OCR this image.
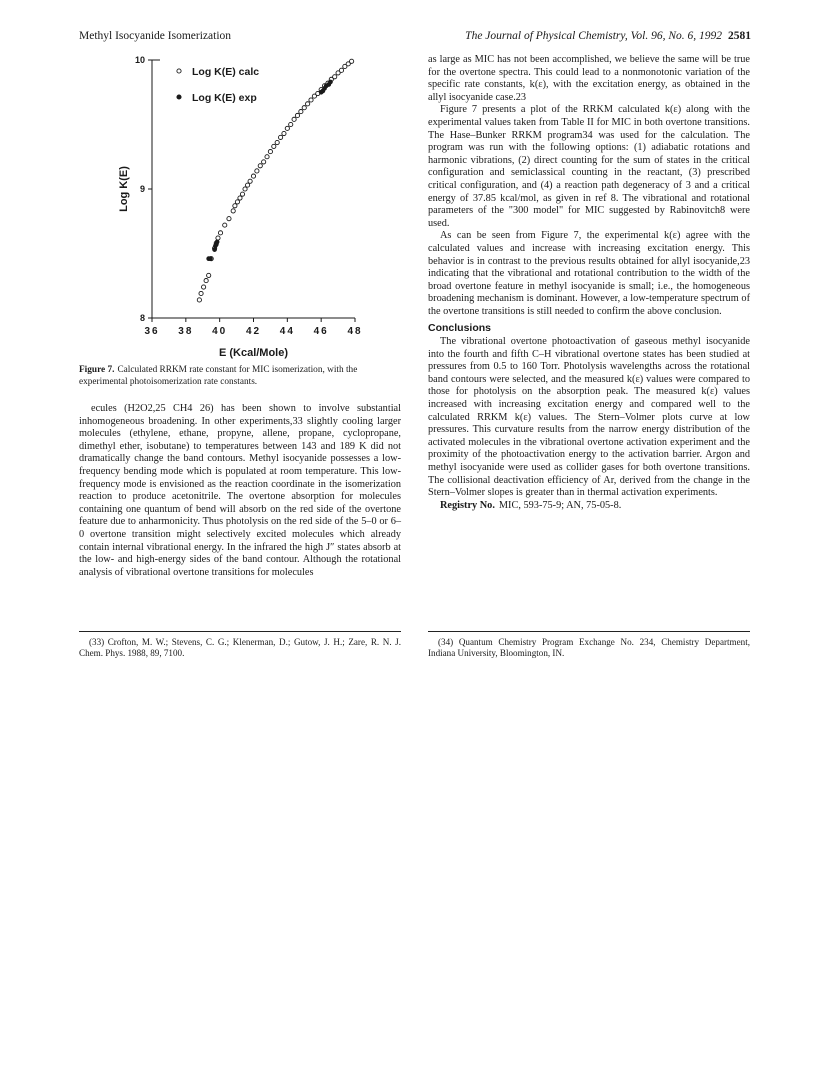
Methyl Isocyanide Isomerization	The Journal of Physical Chemistry, Vol. 96, No. 6, 1992 2581
36 38 40 42 44 46 48
8
9
10
E (Kcal/Mole)
Log K(E)
Log K(E) calc
Log K(E) exp
Figure 7. Calculated RRKM rate constant for MIC isomerization, with the experimental photoisomerization rate constants.

ecules (H2O2,25 CH4 26) has been shown to involve substantial inhomogeneous broadening. In other experiments,33 slightly cooling larger molecules (ethylene, ethane, propyne, allene, propane, cyclopropane, dimethyl ether, isobutane) to temperatures between 143 and 189 K did not dramatically change the band contours. Methyl isocyanide possesses a low-frequency bending mode which is populated at room temperature. This low-frequency mode is envisioned as the reaction coordinate in the isomerization reaction to produce acetonitrile. The overtone absorption for molecules containing one quantum of bend will absorb on the red side of the overtone feature due to anharmonicity. Thus photolysis on the red side of the 5–0 or 6–0 overtone transition might selectively excited molecules which already contain internal vibrational energy. In the infrared the high J″ states absorb at the low- and high-energy sides of the band contour. Although the rotational analysis of vibrational overtone transitions for molecules

as large as MIC has not been accomplished, we believe the same will be true for the overtone spectra. This could lead to a nonmonotonic variation of the specific rate constants, k(ε), with the excitation energy, as obtained in the allyl isocyanide case.23

Figure 7 presents a plot of the RRKM calculated k(ε) along with the experimental values taken from Table II for MIC in both overtone transitions. The Hase–Bunker RRKM program34 was used for the calculation. The program was run with the following options: (1) adiabatic rotations and harmonic vibrations, (2) direct counting for the sum of states in the critical configuration and semiclassical counting in the reactant, (3) prescribed critical configuration, and (4) a reaction path degeneracy of 3 and a critical energy of 37.85 kcal/mol, as given in ref 8. The vibrational and rotational parameters of the "300 model" for MIC suggested by Rabinovitch8 were used.

As can be seen from Figure 7, the experimental k(ε) agree with the calculated values and increase with increasing excitation energy. This behavior is in contrast to the previous results obtained for allyl isocyanide,23 indicating that the vibrational and rotational contribution to the width of the broad overtone feature in methyl isocyanide is small; i.e., the homogeneous broadening mechanism is dominant. However, a low-temperature spectrum of the overtone transitions is still needed to confirm the above conclusion.

Conclusions

The vibrational overtone photoactivation of gaseous methyl isocyanide into the fourth and fifth C–H vibrational overtone states has been studied at pressures from 0.5 to 160 Torr. Photolysis wavelengths across the rotational band contours were selected, and the measured k(ε) values were compared to those for photolysis on the absorption peak. The measured k(ε) values increased with increasing excitation energy and compared well to the calculated RRKM k(ε) values. The Stern–Volmer plots curve at low pressures. This curvature results from the narrow energy distribution of the activated molecules in the vibrational overtone activation experiment and the proximity of the photoactivation energy to the activation barrier. Argon and methyl isocyanide were used as collider gases for both overtone transitions. The collisional deactivation efficiency of Ar, derived from the change in the Stern–Volmer slopes is greater than in thermal activation experiments.

Registry No. MIC, 593-75-9; AN, 75-05-8.

(33) Crofton, M. W.; Stevens, C. G.; Klenerman, D.; Gutow, J. H.; Zare, R. N. J. Chem. Phys. 1988, 89, 7100.

(34) Quantum Chemistry Program Exchange No. 234, Chemistry Department, Indiana University, Bloomington, IN.
